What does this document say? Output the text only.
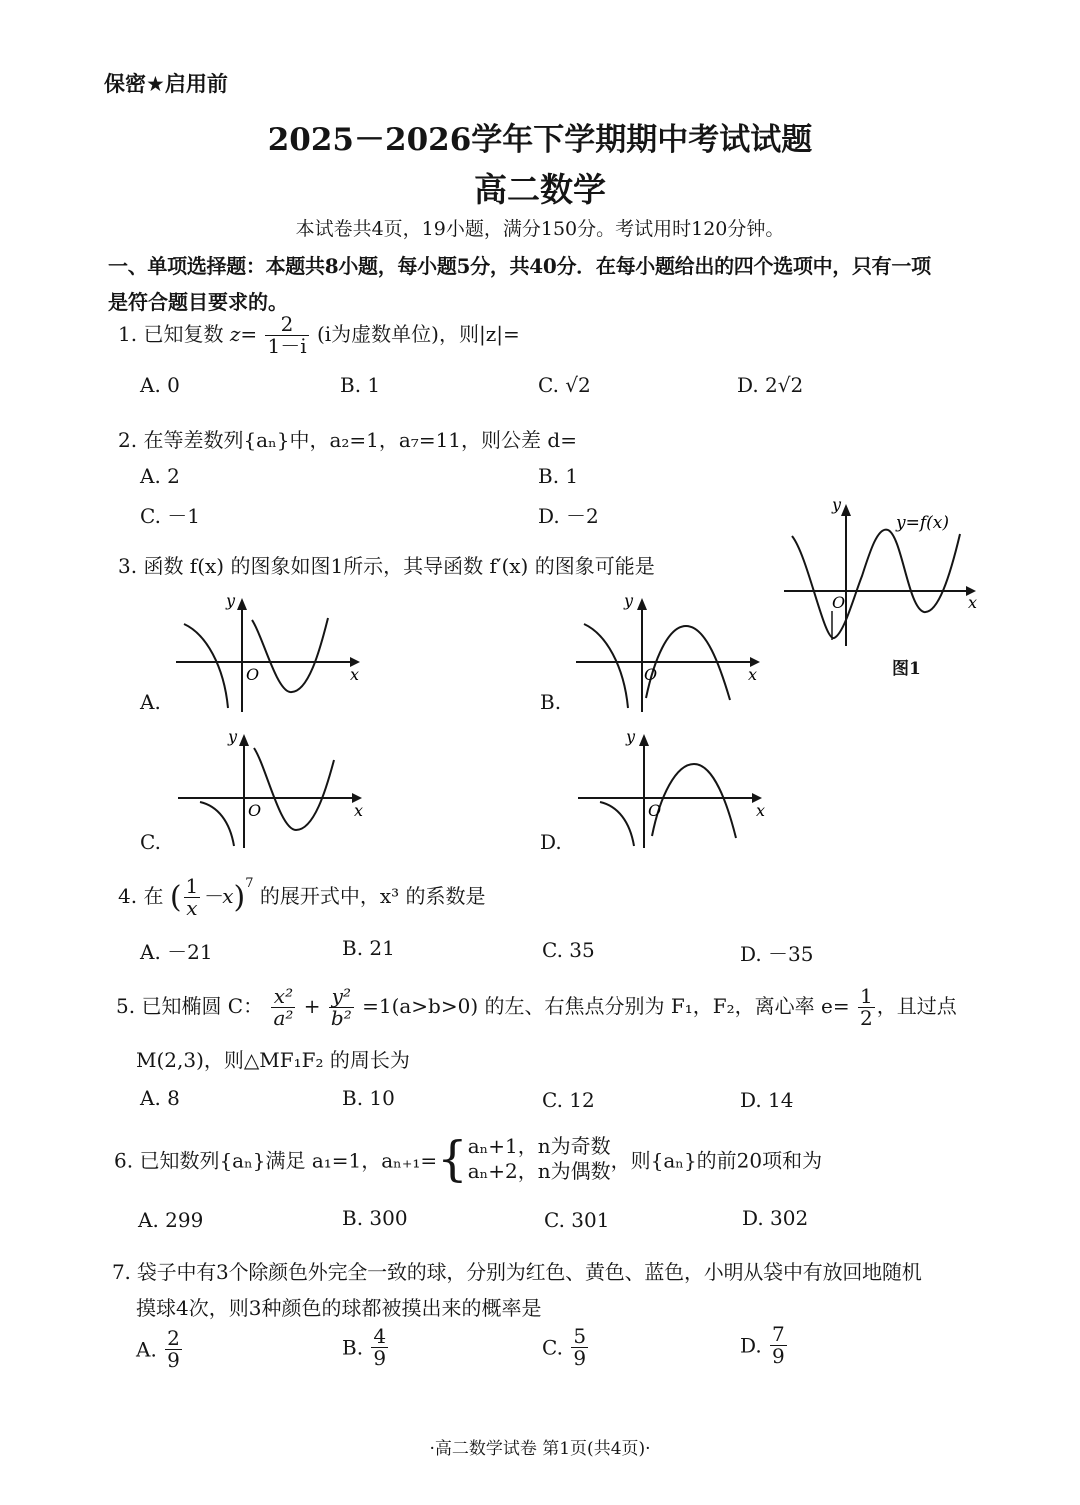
保密★启用前
2025－2026学年下学期期中考试试题
高二数学
本试卷共4页，19小题，满分150分。考试用时120分钟。
一、单项选择题：本题共8小题，每小题5分，共40分．在每小题给出的四个选项中，只有一项
是符合题目要求的。
1. 已知复数 $z= \frac{2}{1-i} (i$为虚数单位)，则|z|=
A. 0	B. 1	C. √2	D. 2√2
2. 在等差数列{aₙ}中，a₂=1，a₇=11，则公差 d=
A. 2	B. 1
C. －1	D. －2
3. 函数 f(x) 的图象如图1所示，其导函数 f′(x) 的图象可能是
y
x
O
y=f(x)
图1
y
x
O
A.
y
x
O
B.
y
x
O
C.
y
x
O
D.
4. 在 ( $\frac{1}{x} -x)^7$ 的展开式中，x³ 的系数是
A. －21	B. 21	C. 35	D. －35
5. 已知椭圆 C： $\frac{\text{x²}}{\text{a²}} + \frac{\text{y²}}{\text{b²}} =1(a>b>0)$ 的左、右焦点分别为 F₁，F₂，离心率 $e= \frac{1}{2}$ ，且过点
M(2,3)，则△MF₁F₂ 的周长为
A. 8	B. 10	C. 12	D. 14
6. 已知数列{aₙ}满足 a₁=1，aₙ₊₁={ aₙ+1，n为奇数
aₙ+2，n为偶数 ，则{aₙ}的前20项和为
A. 299	B. 300	C. 301	D. 302
7. 袋子中有3个除颜色外完全一致的球，分别为红色、黄色、蓝色，小明从袋中有放回地随机
摸球4次，则3种颜色的球都被摸出来的概率是
A. $\frac{2}{9}$	B. $\frac{4}{9}$	C. $\frac{5}{9}$	D. $\frac{7}{9}$
·高二数学试卷 第1页(共4页)·
